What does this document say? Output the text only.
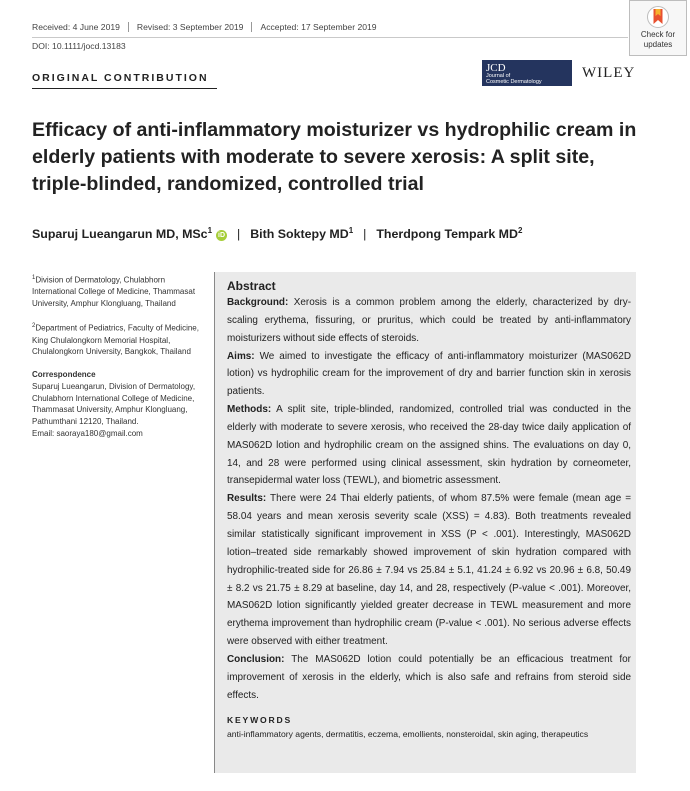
Received: 4 June 2019 Revised: 3 September 2019 Accepted: 17 September 2019
DOI: 10.1111/jocd.13183
Check for
updates
ORIGINAL CONTRIBUTION
JCD
Journal of
Cosmetic Dermatology
WILEY
Efficacy of anti-inflammatory moisturizer vs hydrophilic cream in elderly patients with moderate to severe xerosis: A split site, triple-blinded, randomized, controlled trial
Suparuj Lueangarun MD, MSc$^1$iD | Bith Soktepy $MD^1$ | Therdpong Tempark $MD^2$

$^1$Division of Dermatology, Chulabhorn International College of Medicine, Thammasat University, Amphur Klongluang, Thailand

$^2$Department of Pediatrics, Faculty of Medicine, King Chulalongkorn Memorial Hospital, Chulalongkorn University, Bangkok, Thailand

Correspondence

Suparuj Lueangarun, Division of Dermatology, Chulabhorn International College of Medicine, Thammasat University, Amphur Klongluang, Pathumthani 12120, Thailand.

Email: saoraya180@gmail.com

Abstract

Background: Xerosis is a common problem among the elderly, characterized by dry-scaling erythema, fissuring, or pruritus, which could be treated by anti-inflammatory moisturizers without side effects of steroids.

Aims: We aimed to investigate the efficacy of anti-inflammatory moisturizer (MAS062D lotion) vs hydrophilic cream for the improvement of dry and barrier function skin in xerosis patients.

Methods: A split site, triple-blinded, randomized, controlled trial was conducted in the elderly with moderate to severe xerosis, who received the 28-day twice daily application of MAS062D lotion and hydrophilic cream on the assigned shins. The evaluations on day 0, 14, and 28 were performed using clinical assessment, skin hydration by corneometer, transepidermal water loss (TEWL), and biometric assessment.

Results: There were 24 Thai elderly patients, of whom 87.5% were female (mean age = 58.04 years and mean xerosis severity scale (XSS) = 4.83). Both treatments revealed similar statistically significant improvement in XSS (P < .001). Interestingly, MAS062D lotion–treated side remarkably showed improvement of skin hydration compared with hydrophilic-treated side for 26.86 ± 7.94 vs 25.84 ± 5.1, 41.24 ± 6.92 vs 20.96 ± 6.8, 50.49 ± 8.2 vs 21.75 ± 8.29 at baseline, day 14, and 28, respectively (P-value < .001). Moreover, MAS062D lotion significantly yielded greater decrease in TEWL measurement and more erythema improvement than hydrophilic cream (P-value < .001). No serious adverse effects were observed with either treatment.

Conclusion: The MAS062D lotion could potentially be an efficacious treatment for improvement of xerosis in the elderly, which is also safe and refrains from steroid side effects.

KEYWORDS

anti-inflammatory agents, dermatitis, eczema, emollients, nonsteroidal, skin aging, therapeutics
